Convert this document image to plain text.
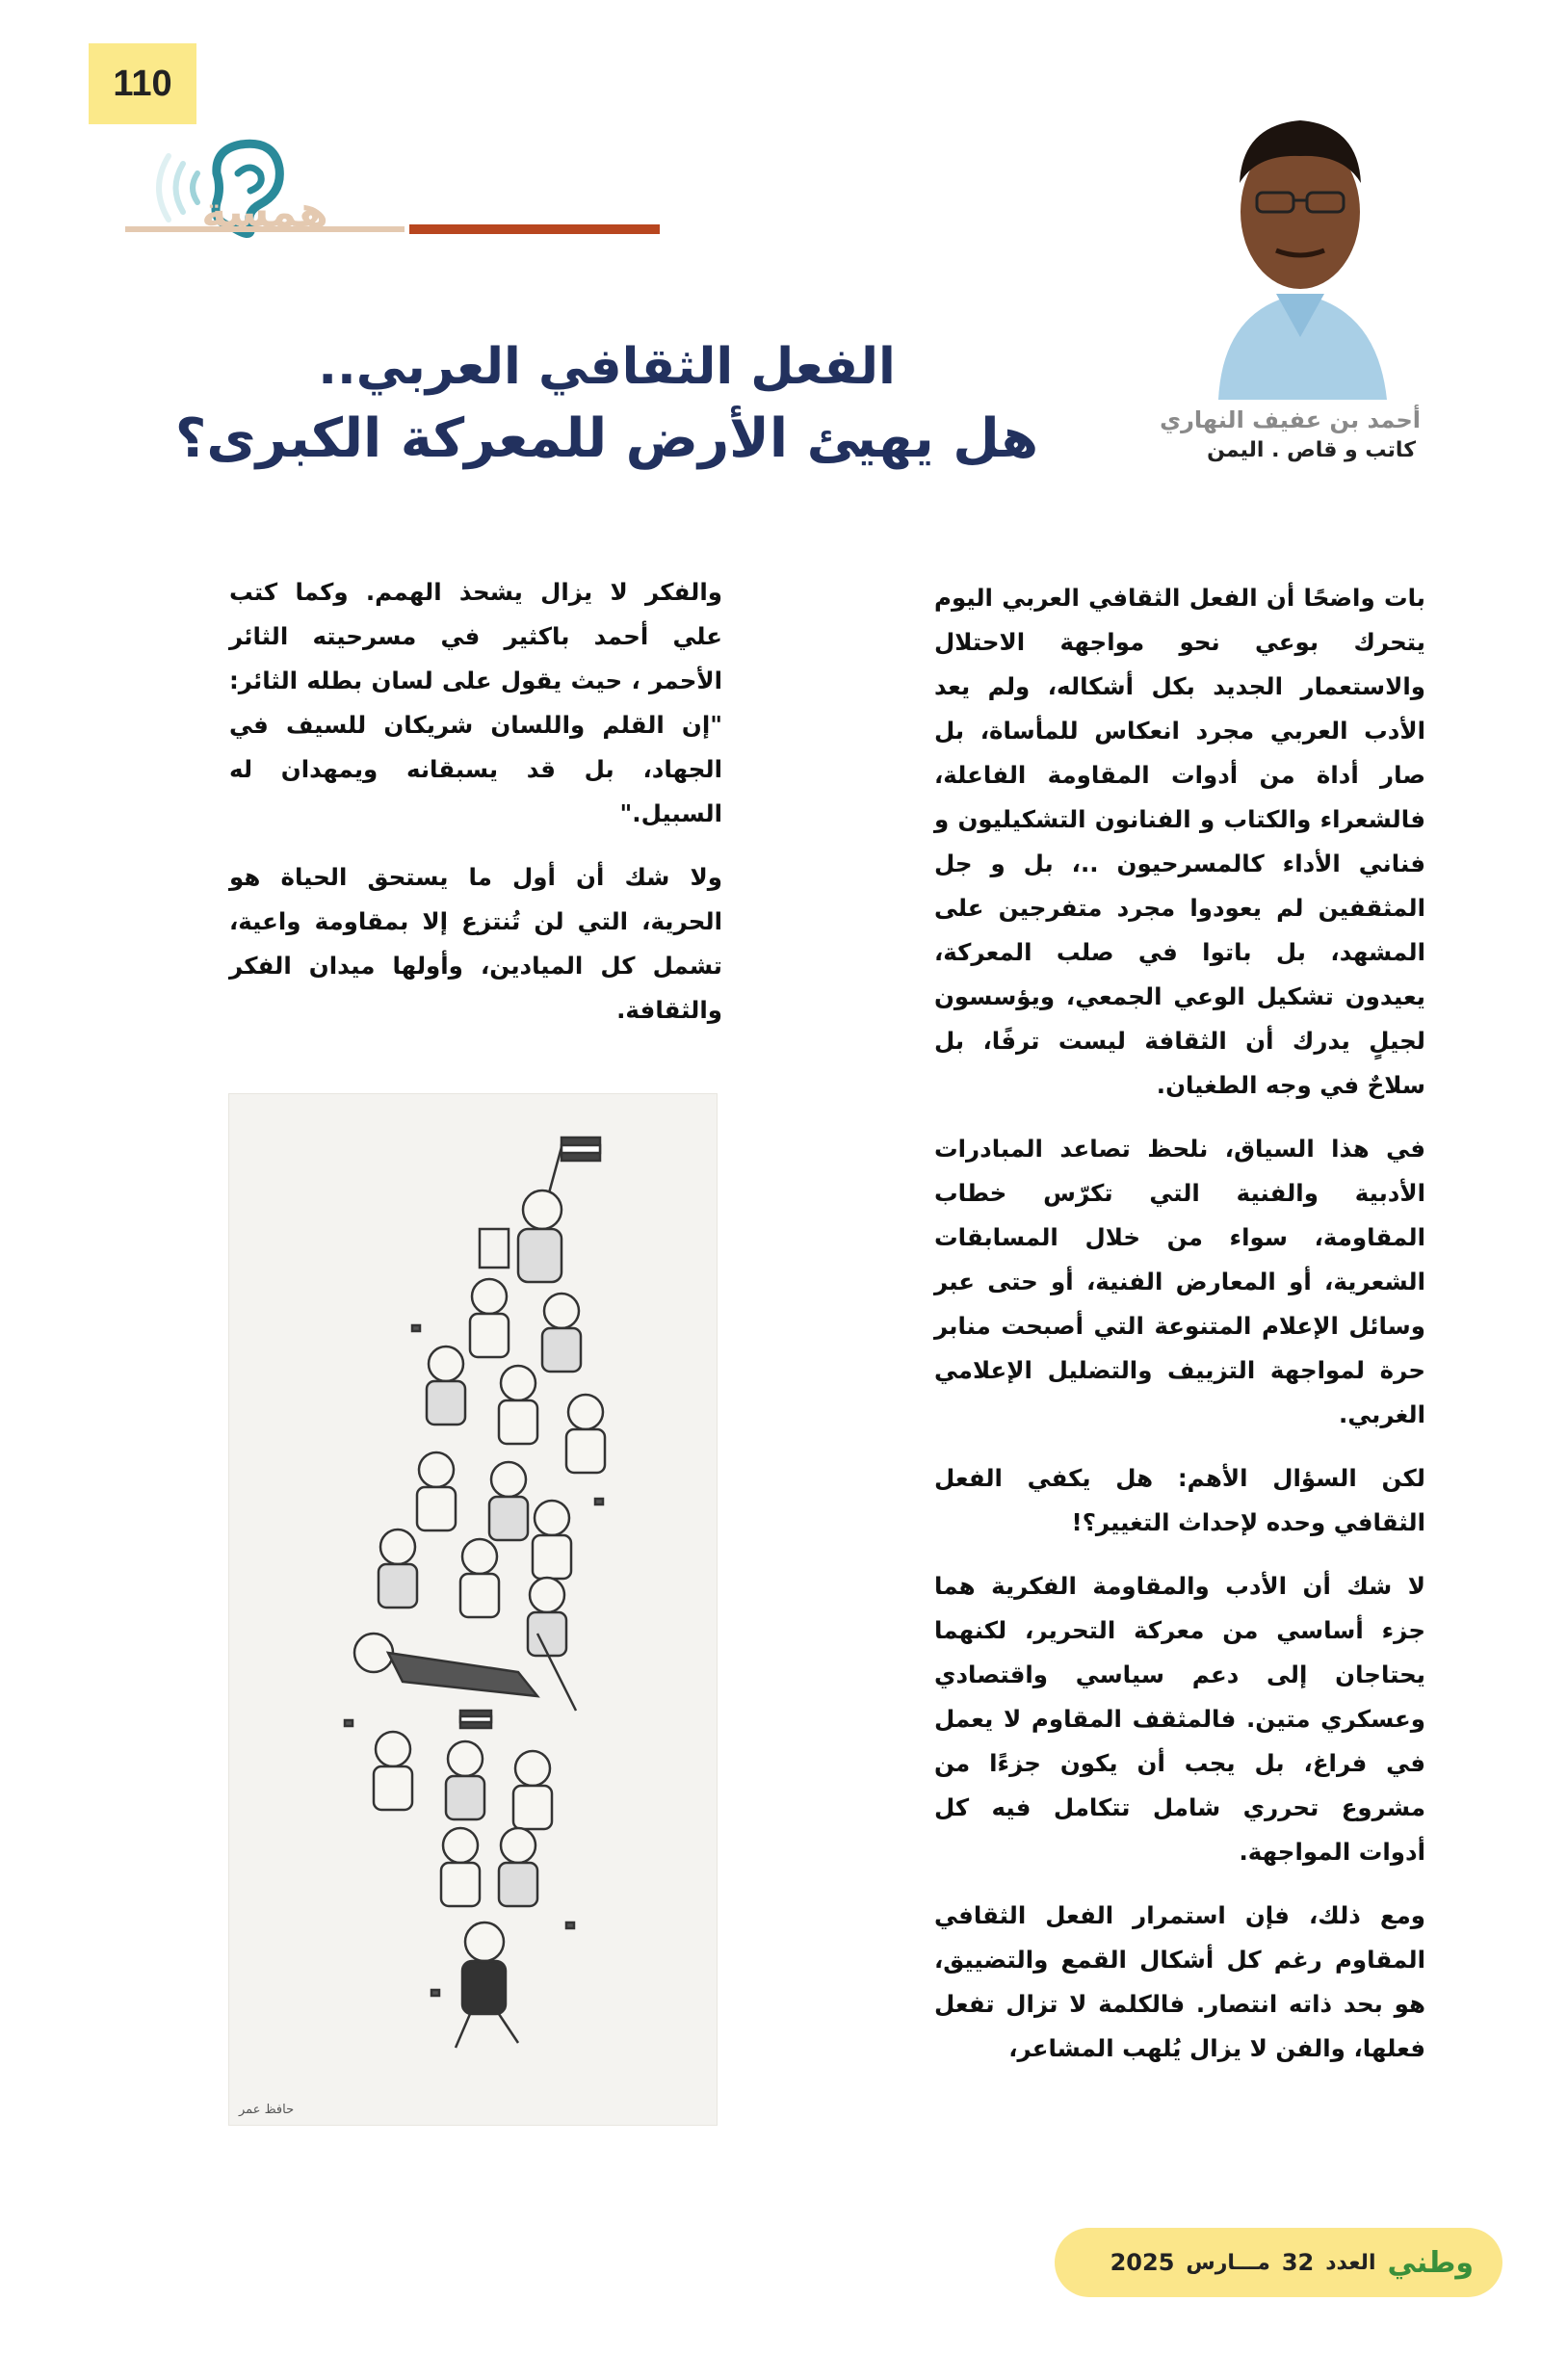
110
همسة
أحمد بن عفيف النهاري
كاتب و قاص . اليمن
الفعل الثقافي العربي..
هل يهيئ الأرض للمعركة الكبرى؟

بات واضحًا أن الفعل الثقافي العربي اليوم يتحرك بوعي نحو مواجهة الاحتلال والاستعمار الجديد بكل أشكاله، ولم يعد الأدب العربي مجرد انعكاس للمأساة، بل صار أداة من أدوات المقاومة الفاعلة، فالشعراء والكتاب و الفنانون التشكيليون و فناني الأداء كالمسرحيون ..، بل و جل المثقفين لم يعودوا مجرد متفرجين على المشهد، بل باتوا في صلب المعركة، يعيدون تشكيل الوعي الجمعي، ويؤسسون لجيلٍ يدرك أن الثقافة ليست ترفًا، بل سلاحٌ في وجه الطغيان.

في هذا السياق، نلحظ تصاعد المبادرات الأدبية والفنية التي تكرّس خطاب المقاومة، سواء من خلال المسابقات الشعرية، أو المعارض الفنية، أو حتى عبر وسائل الإعلام المتنوعة التي أصبحت منابر حرة لمواجهة التزييف والتضليل الإعلامي الغربي.

لكن السؤال الأهم: هل يكفي الفعل الثقافي وحده لإحداث التغيير؟!

لا شك أن الأدب والمقاومة الفكرية هما جزء أساسي من معركة التحرير، لكنهما يحتاجان إلى دعم سياسي واقتصادي وعسكري متين. فالمثقف المقاوم لا يعمل في فراغ، بل يجب أن يكون جزءًا من مشروع تحرري شامل تتكامل فيه كل أدوات المواجهة.

ومع ذلك، فإن استمرار الفعل الثقافي المقاوم رغم كل أشكال القمع والتضييق، هو بحد ذاته انتصار. فالكلمة لا تزال تفعل فعلها، والفن لا يزال يُلهب المشاعر،

والفكر لا يزال يشحذ الهمم. وكما كتب علي أحمد باكثير في مسرحيته الثائر الأحمر ، حيث يقول على لسان بطله الثائر: "إن القلم واللسان شريكان للسيف في الجهاد، بل قد يسبقانه ويمهدان له السبيل."

ولا شك أن أول ما يستحق الحياة هو الحرية، التي لن تُنتزع إلا بمقاومة واعية، تشمل كل الميادين، وأولها ميدان الفكر والثقافة.

حافظ عمر
وطني
العدد
32
مـــارس
2025
